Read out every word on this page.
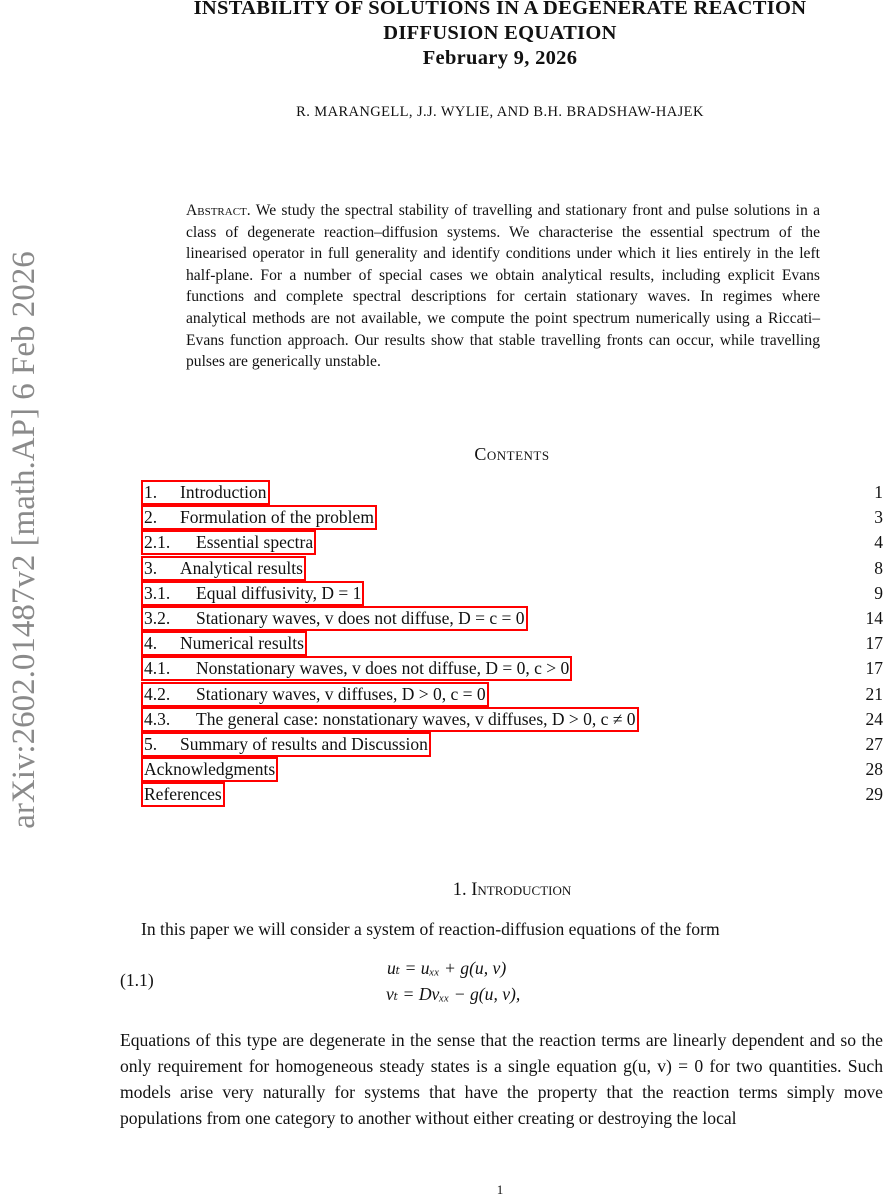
INSTABILITY OF SOLUTIONS IN A DEGENERATE REACTION
DIFFUSION EQUATION
February 9, 2026
R. MARANGELL, J.J. WYLIE, AND B.H. BRADSHAW-HAJEK
arXiv:2602.01487v2 [math.AP] 6 Feb 2026
Abstract. We study the spectral stability of travelling and stationary front and pulse solutions in a class of degenerate reaction–diffusion systems. We characterise the essential spectrum of the linearised operator in full generality and identify conditions under which it lies entirely in the left half-plane. For a number of special cases we obtain analytical results, including explicit Evans functions and complete spectral descriptions for certain stationary waves. In regimes where analytical methods are not available, we compute the point spectrum numerically using a Riccati–Evans function approach. Our results show that stable travelling fronts can occur, while travelling pulses are generically unstable.
Contents
1. Introduction	1
2. Formulation of the problem	3
2.1. Essential spectra	4
3. Analytical results	8
3.1. Equal diffusivity, D = 1	9
3.2. Stationary waves, v does not diffuse, D = c = 0	14
4. Numerical results	17
4.1. Nonstationary waves, v does not diffuse, D = 0, c > 0	17
4.2. Stationary waves, v diffuses, D > 0, c = 0	21
4.3. The general case: nonstationary waves, v diffuses, D > 0, c ≠ 0	24
5. Summary of results and Discussion	27
Acknowledgments	28
References	29
1. Introduction
In this paper we will consider a system of reaction-diffusion equations of the form
(1.1)
uₜ = uₓₓ + g(u, v)
vₜ = Dvₓₓ − g(u, v),
Equations of this type are degenerate in the sense that the reaction terms are linearly dependent and so the only requirement for homogeneous steady states is a single equation g(u, v) = 0 for two quantities. Such models arise very naturally for systems that have the property that the reaction terms simply move populations from one category to another without either creating or destroying the local
1
